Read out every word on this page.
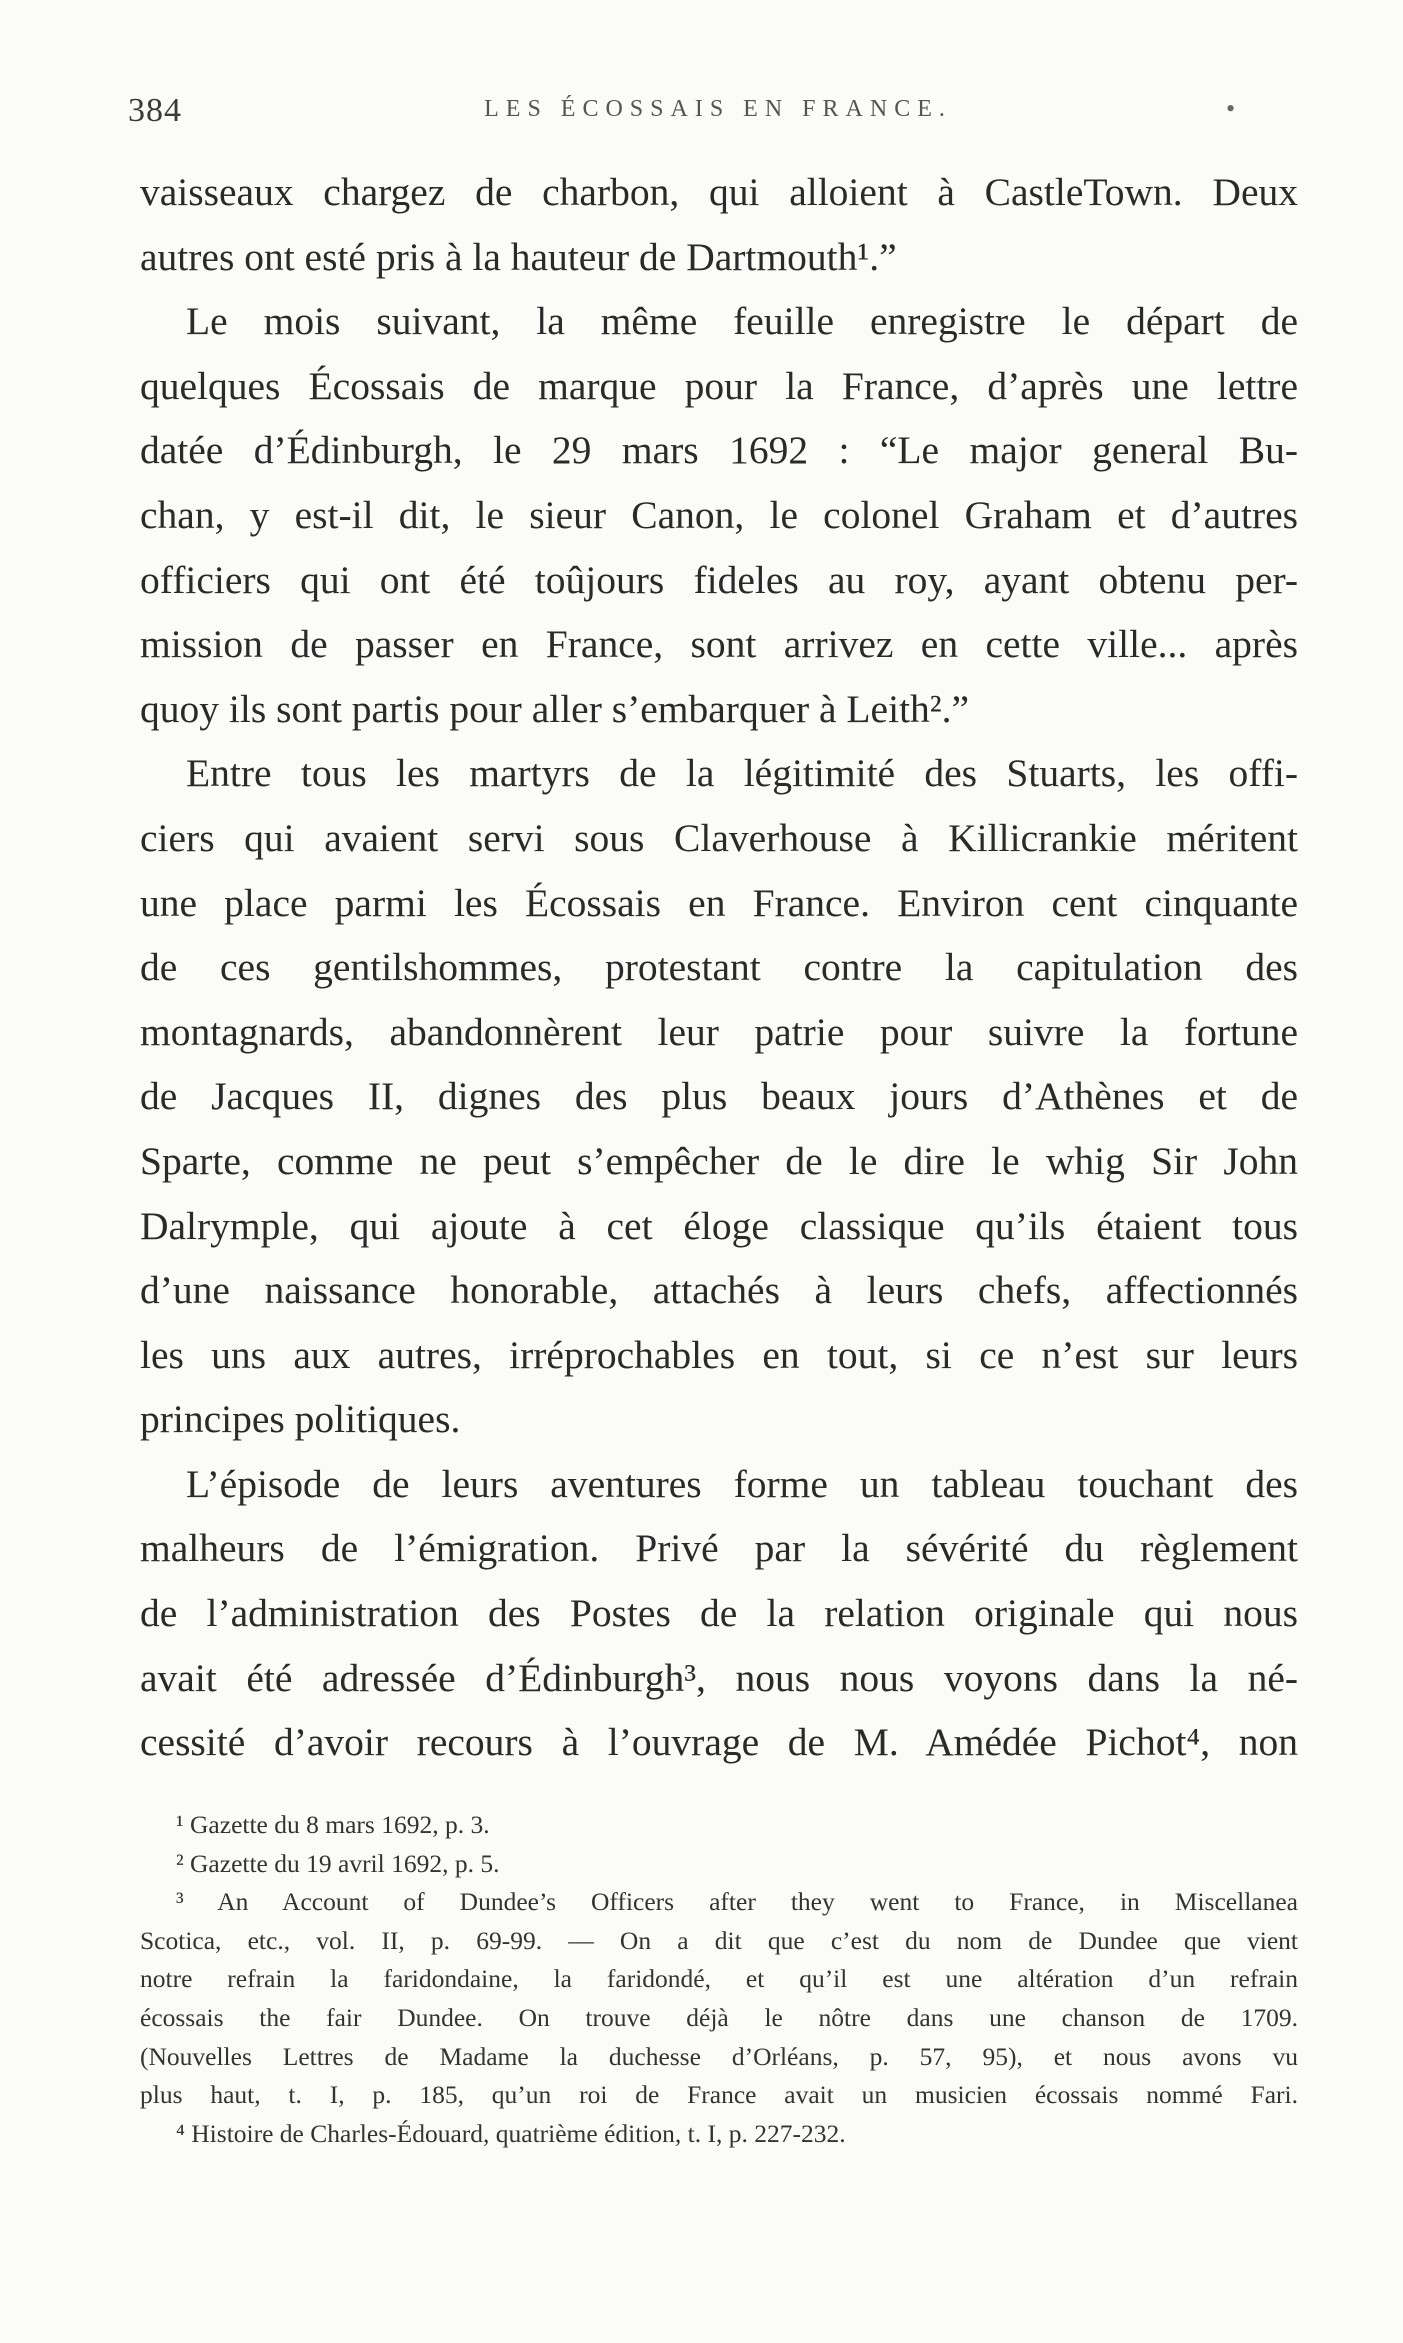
384	LES ÉCOSSAIS EN FRANCE.	•
vaisseaux chargez de charbon, qui alloient à CastleTown. Deux
autres ont esté pris à la hauteur de Dartmouth¹.”
Le mois suivant, la même feuille enregistre le départ de
quelques Écossais de marque pour la France, d’après une lettre
datée d’Édinburgh, le 29 mars 1692 : “Le major general Bu-
chan, y est-il dit, le sieur Canon, le colonel Graham et d’autres
officiers qui ont été toûjours fideles au roy, ayant obtenu per-
mission de passer en France, sont arrivez en cette ville... après
quoy ils sont partis pour aller s’embarquer à Leith².”
Entre tous les martyrs de la légitimité des Stuarts, les offi-
ciers qui avaient servi sous Claverhouse à Killicrankie méritent
une place parmi les Écossais en France. Environ cent cinquante
de ces gentilshommes, protestant contre la capitulation des
montagnards, abandonnèrent leur patrie pour suivre la fortune
de Jacques II, dignes des plus beaux jours d’Athènes et de
Sparte, comme ne peut s’empêcher de le dire le whig Sir John
Dalrymple, qui ajoute à cet éloge classique qu’ils étaient tous
d’une naissance honorable, attachés à leurs chefs, affectionnés
les uns aux autres, irréprochables en tout, si ce n’est sur leurs
principes politiques.
L’épisode de leurs aventures forme un tableau touchant des
malheurs de l’émigration. Privé par la sévérité du règlement
de l’administration des Postes de la relation originale qui nous
avait été adressée d’Édinburgh³, nous nous voyons dans la né-
cessité d’avoir recours à l’ouvrage de M. Amédée Pichot⁴, non
¹ Gazette du 8 mars 1692, p. 3.
² Gazette du 19 avril 1692, p. 5.
³ An Account of Dundee’s Officers after they went to France, in Miscellanea
Scotica, etc., vol. II, p. 69-99. — On a dit que c’est du nom de Dundee que vient
notre refrain la faridondaine, la faridondé, et qu’il est une altération d’un refrain
écossais the fair Dundee. On trouve déjà le nôtre dans une chanson de 1709.
(Nouvelles Lettres de Madame la duchesse d’Orléans, p. 57, 95), et nous avons vu
plus haut, t. I, p. 185, qu’un roi de France avait un musicien écossais nommé Fari.
⁴ Histoire de Charles-Édouard, quatrième édition, t. I, p. 227-232.
